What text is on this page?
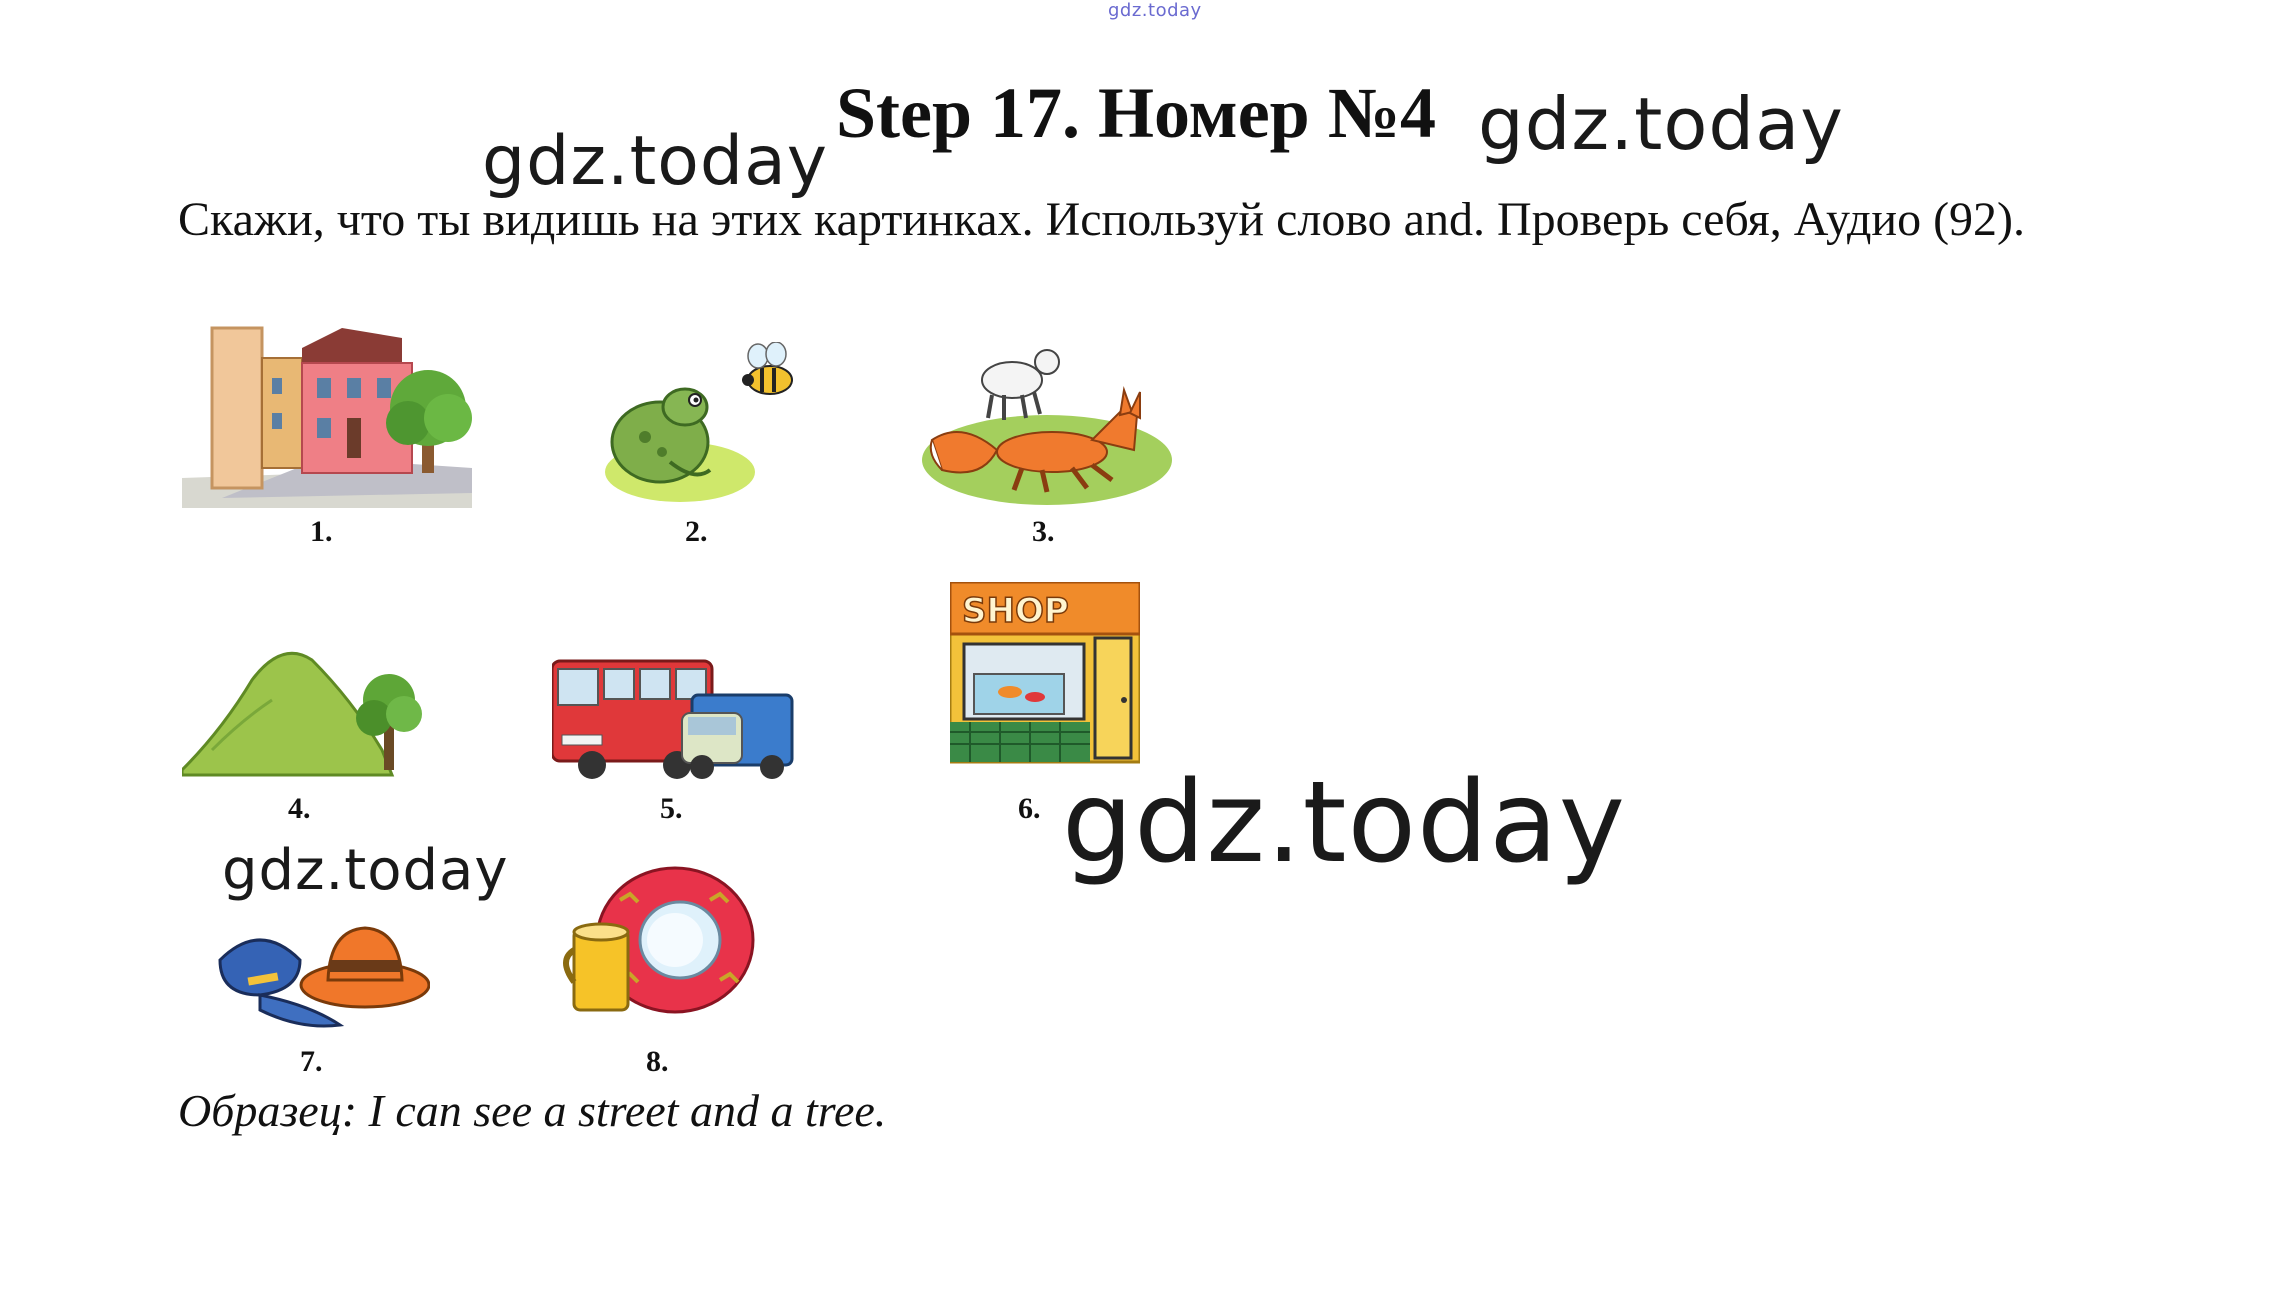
gdz.today
Step 17. Номер №4
gdz.today	gdz.today
Скажи, что ты видишь на этих картинках. Используй слово and. Проверь себя, Аудио (92).
1.	2.	3.
4.	5.
SHOP
6. gdz.today
gdz.today
7.	8.
Образец: I can see a street and a tree.
